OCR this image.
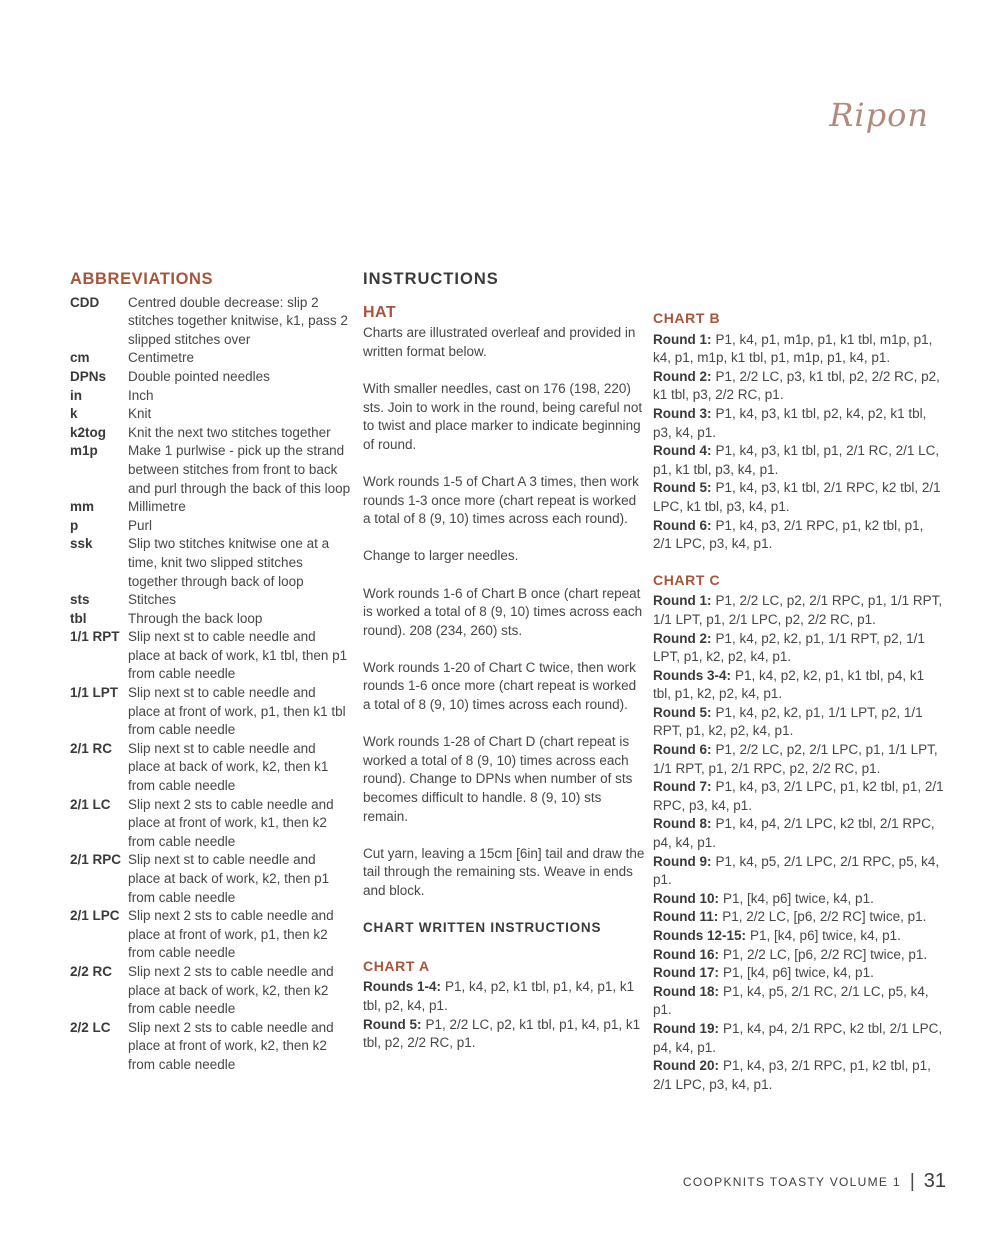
Ripon
ABBREVIATIONS
CDD	Centred double decrease: slip 2 stitches together knitwise, k1, pass 2 slipped stitches over
cm	Centimetre
DPNs	Double pointed needles
in	Inch
k	Knit
k2tog	Knit the next two stitches together
m1p	Make 1 purlwise - pick up the strand between stitches from front to back and purl through the back of this loop
mm	Millimetre
p	Purl
ssk	Slip two stitches knitwise one at a time, knit two slipped stitches together through back of loop
sts	Stitches
tbl	Through the back loop
1/1 RPT Slip next st to cable needle and place at back of work, k1 tbl, then p1 from cable needle
1/1 LPT Slip next st to cable needle and place at front of work, p1, then k1 tbl from cable needle
2/1 RC	Slip next st to cable needle and place at back of work, k2, then k1 from cable needle
2/1 LC	Slip next 2 sts to cable needle and place at front of work, k1, then k2 from cable needle
2/1 RPC Slip next st to cable needle and place at back of work, k2, then p1 from cable needle
2/1 LPC Slip next 2 sts to cable needle and place at front of work, p1, then k2 from cable needle
2/2 RC	Slip next 2 sts to cable needle and place at back of work, k2, then k2 from cable needle
2/2 LC	Slip next 2 sts to cable needle and place at front of work, k2, then k2 from cable needle
INSTRUCTIONS
HAT

Charts are illustrated overleaf and provided in written format below.

With smaller needles, cast on 176 (198, 220) sts. Join to work in the round, being careful not to twist and place marker to indicate beginning of round.

Work rounds 1-5 of Chart A 3 times, then work rounds 1-3 once more (chart repeat is worked a total of 8 (9, 10) times across each round).

Change to larger needles.

Work rounds 1-6 of Chart B once (chart repeat is worked a total of 8 (9, 10) times across each round). 208 (234, 260) sts.

Work rounds 1-20 of Chart C twice, then work rounds 1-6 once more (chart repeat is worked a total of 8 (9, 10) times across each round).

Work rounds 1-28 of Chart D (chart repeat is worked a total of 8 (9, 10) times across each round). Change to DPNs when number of sts becomes difficult to handle. 8 (9, 10) sts remain.

Cut yarn, leaving a 15cm [6in] tail and draw the tail through the remaining sts. Weave in ends and block.

CHART WRITTEN INSTRUCTIONS
CHART A

Rounds 1-4: P1, k4, p2, k1 tbl, p1, k4, p1, k1 tbl, p2, k4, p1.

Round 5: P1, 2/2 LC, p2, k1 tbl, p1, k4, p1, k1 tbl, p2, 2/2 RC, p1.

CHART B

Round 1: P1, k4, p1, m1p, p1, k1 tbl, m1p, p1, k4, p1, m1p, k1 tbl, p1, m1p, p1, k4, p1.

Round 2: P1, 2/2 LC, p3, k1 tbl, p2, 2/2 RC, p2, k1 tbl, p3, 2/2 RC, p1.

Round 3: P1, k4, p3, k1 tbl, p2, k4, p2, k1 tbl, p3, k4, p1.

Round 4: P1, k4, p3, k1 tbl, p1, 2/1 RC, 2/1 LC, p1, k1 tbl, p3, k4, p1.

Round 5: P1, k4, p3, k1 tbl, 2/1 RPC, k2 tbl, 2/1 LPC, k1 tbl, p3, k4, p1.

Round 6: P1, k4, p3, 2/1 RPC, p1, k2 tbl, p1, 2/1 LPC, p3, k4, p1.

CHART C

Round 1: P1, 2/2 LC, p2, 2/1 RPC, p1, 1/1 RPT, 1/1 LPT, p1, 2/1 LPC, p2, 2/2 RC, p1.

Round 2: P1, k4, p2, k2, p1, 1/1 RPT, p2, 1/1 LPT, p1, k2, p2, k4, p1.

Rounds 3-4: P1, k4, p2, k2, p1, k1 tbl, p4, k1 tbl, p1, k2, p2, k4, p1.

Round 5: P1, k4, p2, k2, p1, 1/1 LPT, p2, 1/1 RPT, p1, k2, p2, k4, p1.

Round 6: P1, 2/2 LC, p2, 2/1 LPC, p1, 1/1 LPT, 1/1 RPT, p1, 2/1 RPC, p2, 2/2 RC, p1.

Round 7: P1, k4, p3, 2/1 LPC, p1, k2 tbl, p1, 2/1 RPC, p3, k4, p1.

Round 8: P1, k4, p4, 2/1 LPC, k2 tbl, 2/1 RPC, p4, k4, p1.

Round 9: P1, k4, p5, 2/1 LPC, 2/1 RPC, p5, k4, p1.

Round 10: P1, [k4, p6] twice, k4, p1.

Round 11: P1, 2/2 LC, [p6, 2/2 RC] twice, p1.

Rounds 12-15: P1, [k4, p6] twice, k4, p1.

Round 16: P1, 2/2 LC, [p6, 2/2 RC] twice, p1.

Round 17: P1, [k4, p6] twice, k4, p1.

Round 18: P1, k4, p5, 2/1 RC, 2/1 LC, p5, k4, p1.

Round 19: P1, k4, p4, 2/1 RPC, k2 tbl, 2/1 LPC, p4, k4, p1.

Round 20: P1, k4, p3, 2/1 RPC, p1, k2 tbl, p1, 2/1 LPC, p3, k4, p1.

COOPKNITS TOASTY VOLUME 1 | 31
